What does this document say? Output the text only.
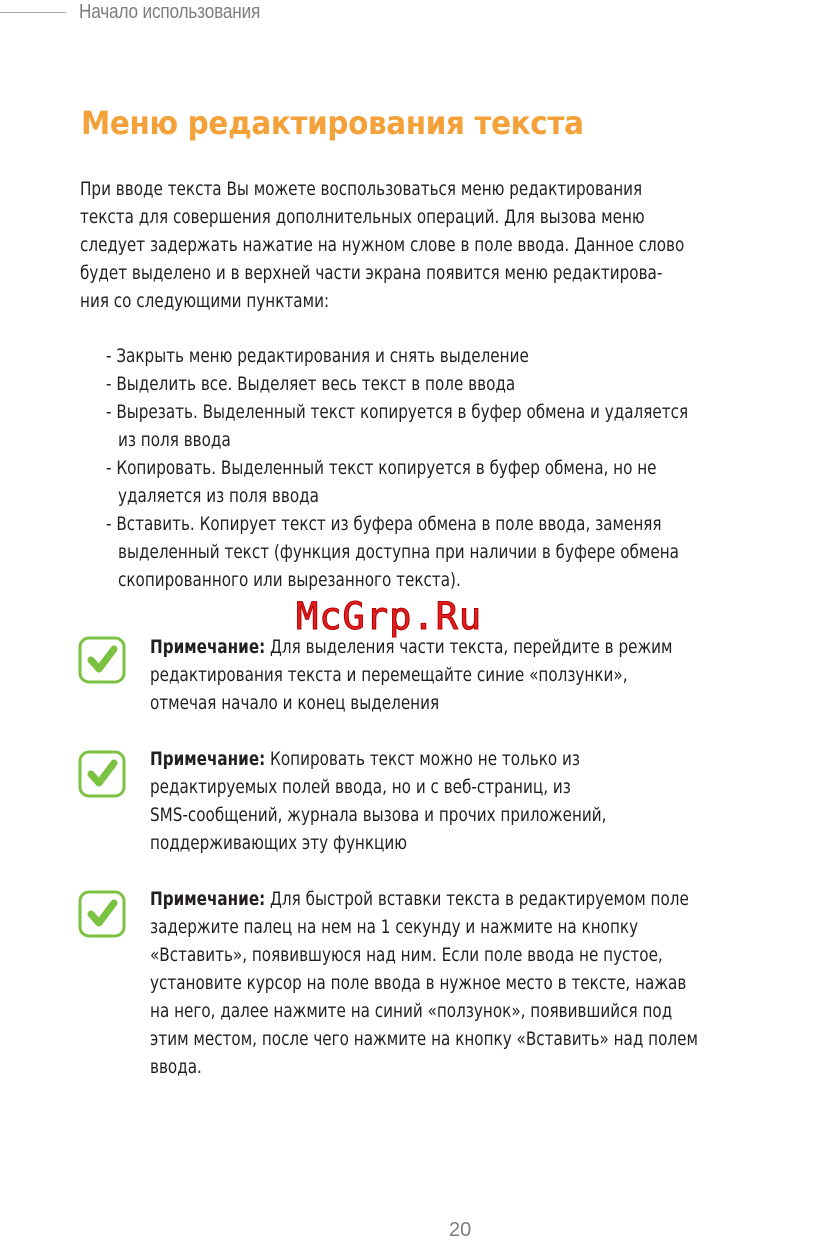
Начало использования
Меню редактирования текста
При вводе текста Вы можете воспользоваться меню редактирования
текста для совершения дополнительных операций. Для вызова меню
следует задержать нажатие на нужном слове в поле ввода. Данное слово
будет выделено и в верхней части экрана появится меню редактирова-
ния со следующими пунктами:
- Закрыть меню редактирования и снять выделение
- Выделить все. Выделяет весь текст в поле ввода
- Вырезать. Выделенный текст копируется в буфер обмена и удаляется
из поля ввода
- Копировать. Выделенный текст копируется в буфер обмена, но не
удаляется из поля ввода
- Вставить. Копирует текст из буфера обмена в поле ввода, заменяя
выделенный текст (функция доступна при наличии в буфере обмена
скопированного или вырезанного текста).
Примечание: Для выделения части текста, перейдите в режим
редактирования текста и перемещайте синие «ползунки»,
отмечая начало и конец выделения
Примечание: Копировать текст можно не только из
редактируемых полей ввода, но и с веб-страниц, из
SMS-сообщений, журнала вызова и прочих приложений,
поддерживающих эту функцию
Примечание: Для быстрой вставки текста в редактируемом поле
задержите палец на нем на 1 секунду и нажмите на кнопку
«Вставить», появившуюся над ним. Если поле ввода не пустое,
установите курсор на поле ввода в нужное место в тексте, нажав
на него, далее нажмите на синий «ползунок», появившийся под
этим местом, после чего нажмите на кнопку «Вставить» над полем
ввода.
McGrp.Ru
20
